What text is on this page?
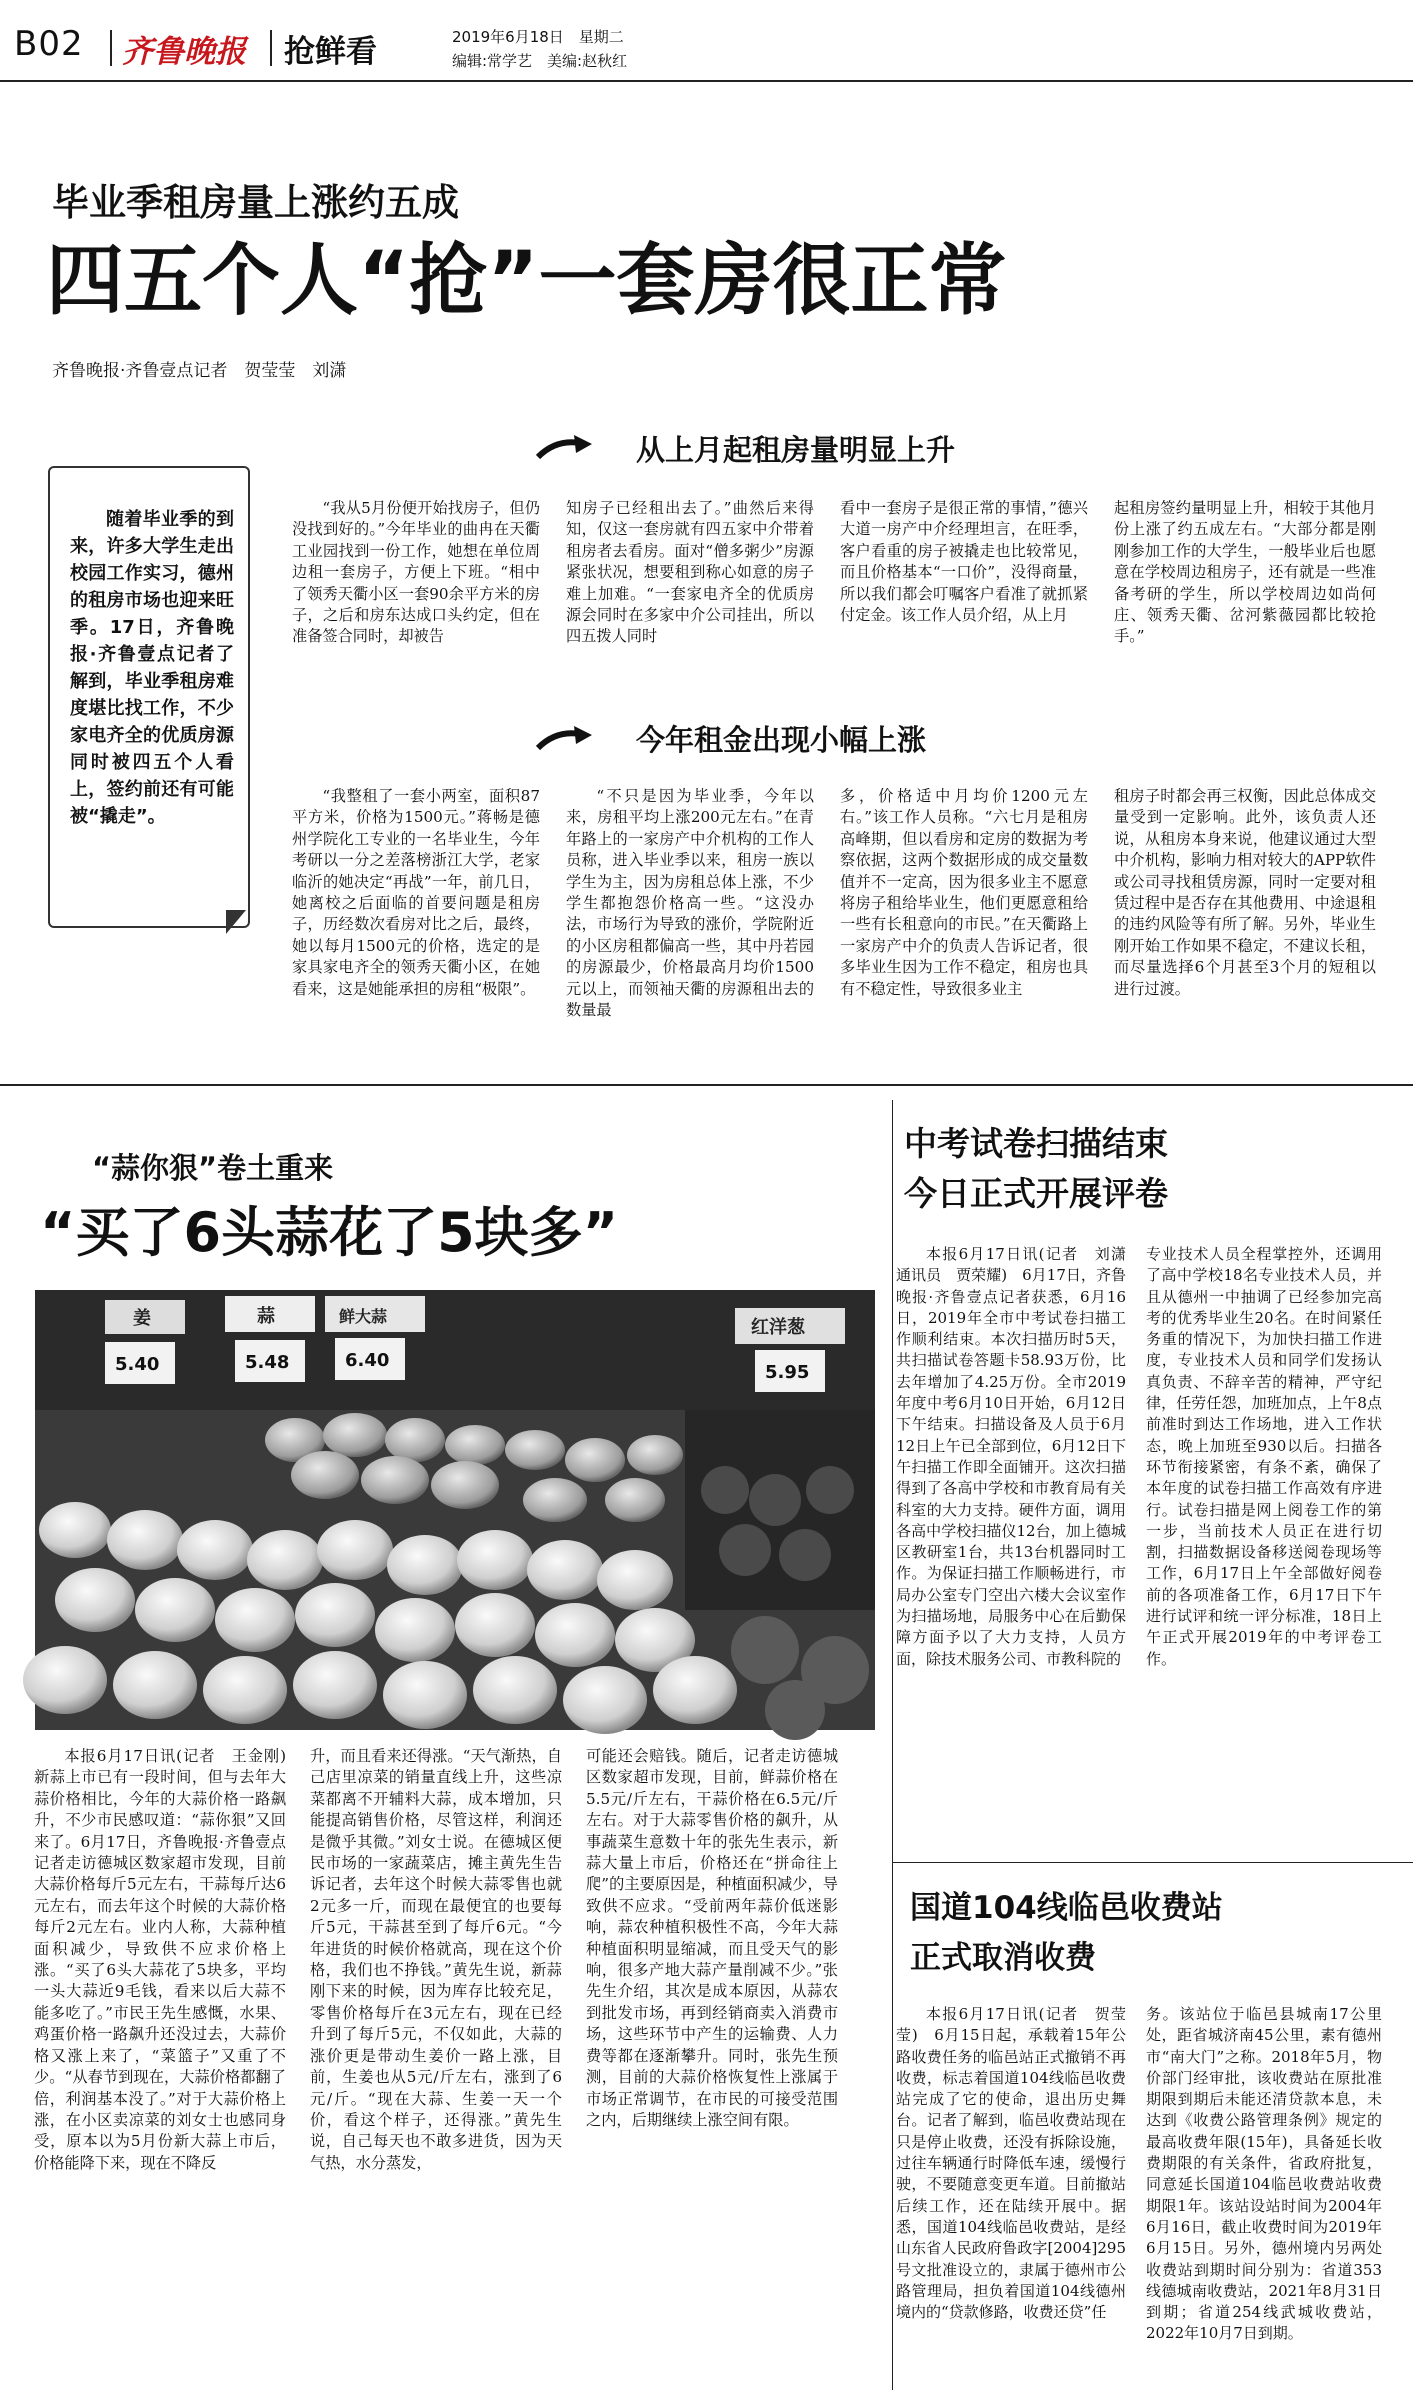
B02 齐鲁晚报 抢鲜看	2019年6月18日　星期二
编辑:常学艺　美编:赵秋红
毕业季租房量上涨约五成
四五个人“抢”一套房很正常
齐鲁晚报·齐鲁壹点记者　贺莹莹　刘潇
随着毕业季的到来，许多大学生走出校园工作实习，德州的租房市场也迎来旺季。17日，齐鲁晚报·齐鲁壹点记者了解到，毕业季租房难度堪比找工作，不少家电齐全的优质房源同时被四五个人看上，签约前还有可能被“撬走”。
从上月起租房量明显上升

“我从5月份便开始找房子，但仍没找到好的。”今年毕业的曲冉在天衢工业园找到一份工作，她想在单位周边租一套房子，方便上下班。“相中了领秀天衢小区一套90余平方米的房子，之后和房东达成口头约定，但在准备签合同时，却被告

知房子已经租出去了。”曲然后来得知，仅这一套房就有四五家中介带着租房者去看房。面对“僧多粥少”房源紧张状况，想要租到称心如意的房子难上加难。“一套家电齐全的优质房源会同时在多家中介公司挂出，所以四五拨人同时

看中一套房子是很正常的事情，”德兴大道一房产中介经理坦言，在旺季，客户看重的房子被撬走也比较常见，而且价格基本“一口价”，没得商量，所以我们都会叮嘱客户看准了就抓紧付定金。该工作人员介绍，从上月

起租房签约量明显上升，相较于其他月份上涨了约五成左右。“大部分都是刚刚参加工作的大学生，一般毕业后也愿意在学校周边租房子，还有就是一些准备考研的学生，所以学校周边如尚何庄、领秀天衢、岔河紫薇园都比较抢手。”

今年租金出现小幅上涨

“我整租了一套小两室，面积87平方米，价格为1500元。”蒋畅是德州学院化工专业的一名毕业生，今年考研以一分之差落榜浙江大学，老家临沂的她决定“再战”一年，前几日，她离校之后面临的首要问题是租房子，历经数次看房对比之后，最终，她以每月1500元的价格，选定的是家具家电齐全的领秀天衢小区，在她看来，这是她能承担的房租“极限”。

“不只是因为毕业季，今年以来，房租平均上涨200元左右。”在青年路上的一家房产中介机构的工作人员称，进入毕业季以来，租房一族以学生为主，因为房租总体上涨，不少学生都抱怨价格高一些。“这没办法，市场行为导致的涨价，学院附近的小区房租都偏高一些，其中丹若园的房源最少，价格最高月均价1500元以上，而领袖天衢的房源租出去的数量最

多，价格适中月均价1200元左右。”该工作人员称。“六七月是租房高峰期，但以看房和定房的数据为考察依据，这两个数据形成的成交量数值并不一定高，因为很多业主不愿意将房子租给毕业生，他们更愿意租给一些有长租意向的市民。”在天衢路上一家房产中介的负责人告诉记者，很多毕业生因为工作不稳定，租房也具有不稳定性，导致很多业主

租房子时都会再三权衡，因此总体成交量受到一定影响。此外，该负责人还说，从租房本身来说，他建议通过大型中介机构，影响力相对较大的APP软件或公司寻找租赁房源，同时一定要对租赁过程中是否存在其他费用、中途退租的违约风险等有所了解。另外，毕业生刚开始工作如果不稳定，不建议长租，而尽量选择6个月甚至3个月的短租以进行过渡。

“蒜你狠”卷土重来
“买了6头蒜花了5块多”
姜	蒜	鲜大蒜
红洋葱
5.40	5.48	6.40
5.95

本报6月17日讯(记者　王金刚)　新蒜上市已有一段时间，但与去年大蒜价格相比，今年的大蒜价格一路飙升，不少市民感叹道：“蒜你狠”又回来了。6月17日，齐鲁晚报·齐鲁壹点记者走访德城区数家超市发现，目前大蒜价格每斤5元左右，干蒜每斤达6元左右，而去年这个时候的大蒜价格每斤2元左右。业内人称，大蒜种植面积减少，导致供不应求价格上涨。“买了6头大蒜花了5块多，平均一头大蒜近9毛钱，看来以后大蒜不能多吃了。”市民王先生感慨，水果、鸡蛋价格一路飙升还没过去，大蒜价格又涨上来了，“菜篮子”又重了不少。“从春节到现在，大蒜价格都翻了倍，利润基本没了。”对于大蒜价格上涨，在小区卖凉菜的刘女士也感同身受，原本以为5月份新大蒜上市后，价格能降下来，现在不降反

升，而且看来还得涨。“天气渐热，自己店里凉菜的销量直线上升，这些凉菜都离不开辅料大蒜，成本增加，只能提高销售价格，尽管这样，利润还是微乎其微。”刘女士说。在德城区便民市场的一家蔬菜店，摊主黄先生告诉记者，去年这个时候大蒜零售也就2元多一斤，而现在最便宜的也要每斤5元，干蒜甚至到了每斤6元。“今年进货的时候价格就高，现在这个价格，我们也不挣钱。”黄先生说，新蒜刚下来的时候，因为库存比较充足，零售价格每斤在3元左右，现在已经升到了每斤5元，不仅如此，大蒜的涨价更是带动生姜价一路上涨，目前，生姜也从5元/斤左右，涨到了6元/斤。“现在大蒜、生姜一天一个价，看这个样子，还得涨。”黄先生说，自己每天也不敢多进货，因为天气热，水分蒸发，

可能还会赔钱。随后，记者走访德城区数家超市发现，目前，鲜蒜价格在5.5元/斤左右，干蒜价格在6.5元/斤左右。对于大蒜零售价格的飙升，从事蔬菜生意数十年的张先生表示，新蒜大量上市后，价格还在“拼命往上爬”的主要原因是，种植面积减少，导致供不应求。“受前两年蒜价低迷影响，蒜农种植积极性不高，今年大蒜种植面积明显缩减，而且受天气的影响，很多产地大蒜产量削减不少。”张先生介绍，其次是成本原因，从蒜农到批发市场，再到经销商卖入消费市场，这些环节中产生的运输费、人力费等都在逐渐攀升。同时，张先生预测，目前的大蒜价格恢复性上涨属于市场正常调节，在市民的可接受范围之内，后期继续上涨空间有限。

中考试卷扫描结束
今日正式开展评卷

本报6月17日讯(记者　刘潇　通讯员　贾荣耀)　6月17日，齐鲁晚报·齐鲁壹点记者获悉，6月16日，2019年全市中考试卷扫描工作顺利结束。本次扫描历时5天，共扫描试卷答题卡58.93万份，比去年增加了4.25万份。全市2019年度中考6月10日开始，6月12日下午结束。扫描设备及人员于6月12日上午已全部到位，6月12日下午扫描工作即全面铺开。这次扫描得到了各高中学校和市教育局有关科室的大力支持。硬件方面，调用各高中学校扫描仪12台，加上德城区教研室1台，共13台机器同时工作。为保证扫描工作顺畅进行，市局办公室专门空出六楼大会议室作为扫描场地，局服务中心在后勤保障方面予以了大力支持，人员方面，除技术服务公司、市教科院的

专业技术人员全程掌控外，还调用了高中学校18名专业技术人员，并且从德州一中抽调了已经参加完高考的优秀毕业生20名。在时间紧任务重的情况下，为加快扫描工作进度，专业技术人员和同学们发扬认真负责、不辞辛苦的精神，严守纪律，任劳任怨，加班加点，上午8点前准时到达工作场地，进入工作状态，晚上加班至930以后。扫描各环节衔接紧密，有条不紊，确保了本年度的试卷扫描工作高效有序进行。试卷扫描是网上阅卷工作的第一步，当前技术人员正在进行切割，扫描数据设备移送阅卷现场等工作，6月17日上午全部做好阅卷前的各项准备工作，6月17日下午进行试评和统一评分标准，18日上午正式开展2019年的中考评卷工作。

国道104线临邑收费站
正式取消收费

本报6月17日讯(记者　贺莹莹)　6月15日起，承载着15年公路收费任务的临邑站正式撤销不再收费，标志着国道104线临邑收费站完成了它的使命，退出历史舞台。记者了解到，临邑收费站现在只是停止收费，还没有拆除设施，过往车辆通行时降低车速，缓慢行驶，不要随意变更车道。目前撤站后续工作，还在陆续开展中。据悉，国道104线临邑收费站，是经山东省人民政府鲁政字[2004]295号文批准设立的，隶属于德州市公路管理局，担负着国道104线德州境内的“贷款修路，收费还贷”任

务。该站位于临邑县城南17公里处，距省城济南45公里，素有德州市“南大门”之称。2018年5月，物价部门经审批，该收费站在原批准期限到期后未能还清贷款本息，未达到《收费公路管理条例》规定的最高收费年限(15年)，具备延长收费期限的有关条件，省政府批复，同意延长国道104临邑收费站收费期限1年。该站设站时间为2004年6月16日，截止收费时间为2019年6月15日。另外，德州境内另两处收费站到期时间分别为：省道353线德城南收费站，2021年8月31日到期；省道254线武城收费站，2022年10月7日到期。
